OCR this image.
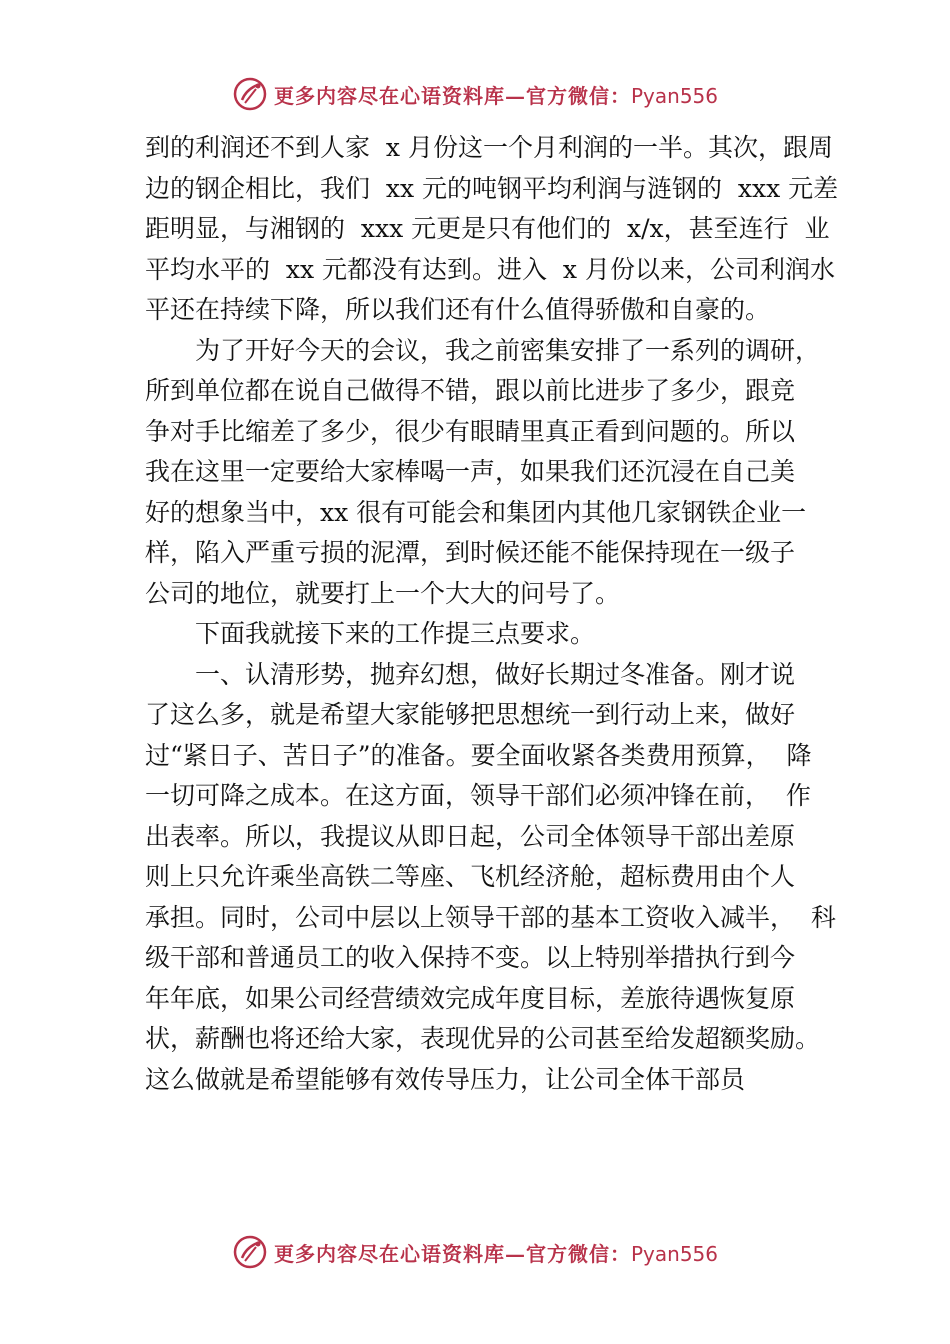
更多内容尽在心语资料库—官方微信：Pyan556

到的利润还不到人家  x 月份这一个月利润的一半。其次，跟周
边的钢企相比，我们  xx 元的吨钢平均利润与涟钢的  xxx 元差
距明显，与湘钢的  xxx 元更是只有他们的  x/x，甚至连行  业
平均水平的  xx 元都没有达到。进入  x 月份以来，公司利润水
平还在持续下降，所以我们还有什么值得骄傲和自豪的。

为了开好今天的会议，我之前密集安排了一系列的调研，
所到单位都在说自己做得不错，跟以前比进步了多少，跟竞
争对手比缩差了多少，很少有眼睛里真正看到问题的。所以
我在这里一定要给大家棒喝一声，如果我们还沉浸在自己美
好的想象当中，xx 很有可能会和集团内其他几家钢铁企业一
样，陷入严重亏损的泥潭，到时候还能不能保持现在一级子
公司的地位，就要打上一个大大的问号了。

下面我就接下来的工作提三点要求。

一、认清形势，抛弃幻想，做好长期过冬准备。刚才说
了这么多，就是希望大家能够把思想统一到行动上来，做好
过“紧日子、苦日子”的准备。要全面收紧各类费用预算，  降
一切可降之成本。在这方面，领导干部们必须冲锋在前，  作
出表率。所以，我提议从即日起，公司全体领导干部出差原
则上只允许乘坐高铁二等座、飞机经济舱，超标费用由个人
承担。同时，公司中层以上领导干部的基本工资收入减半，  科
级干部和普通员工的收入保持不变。以上特别举措执行到今
年年底，如果公司经营绩效完成年度目标，差旅待遇恢复原
状，薪酬也将还给大家，表现优异的公司甚至给发超额奖励。
这么做就是希望能够有效传导压力，让公司全体干部员

更多内容尽在心语资料库—官方微信：Pyan556
